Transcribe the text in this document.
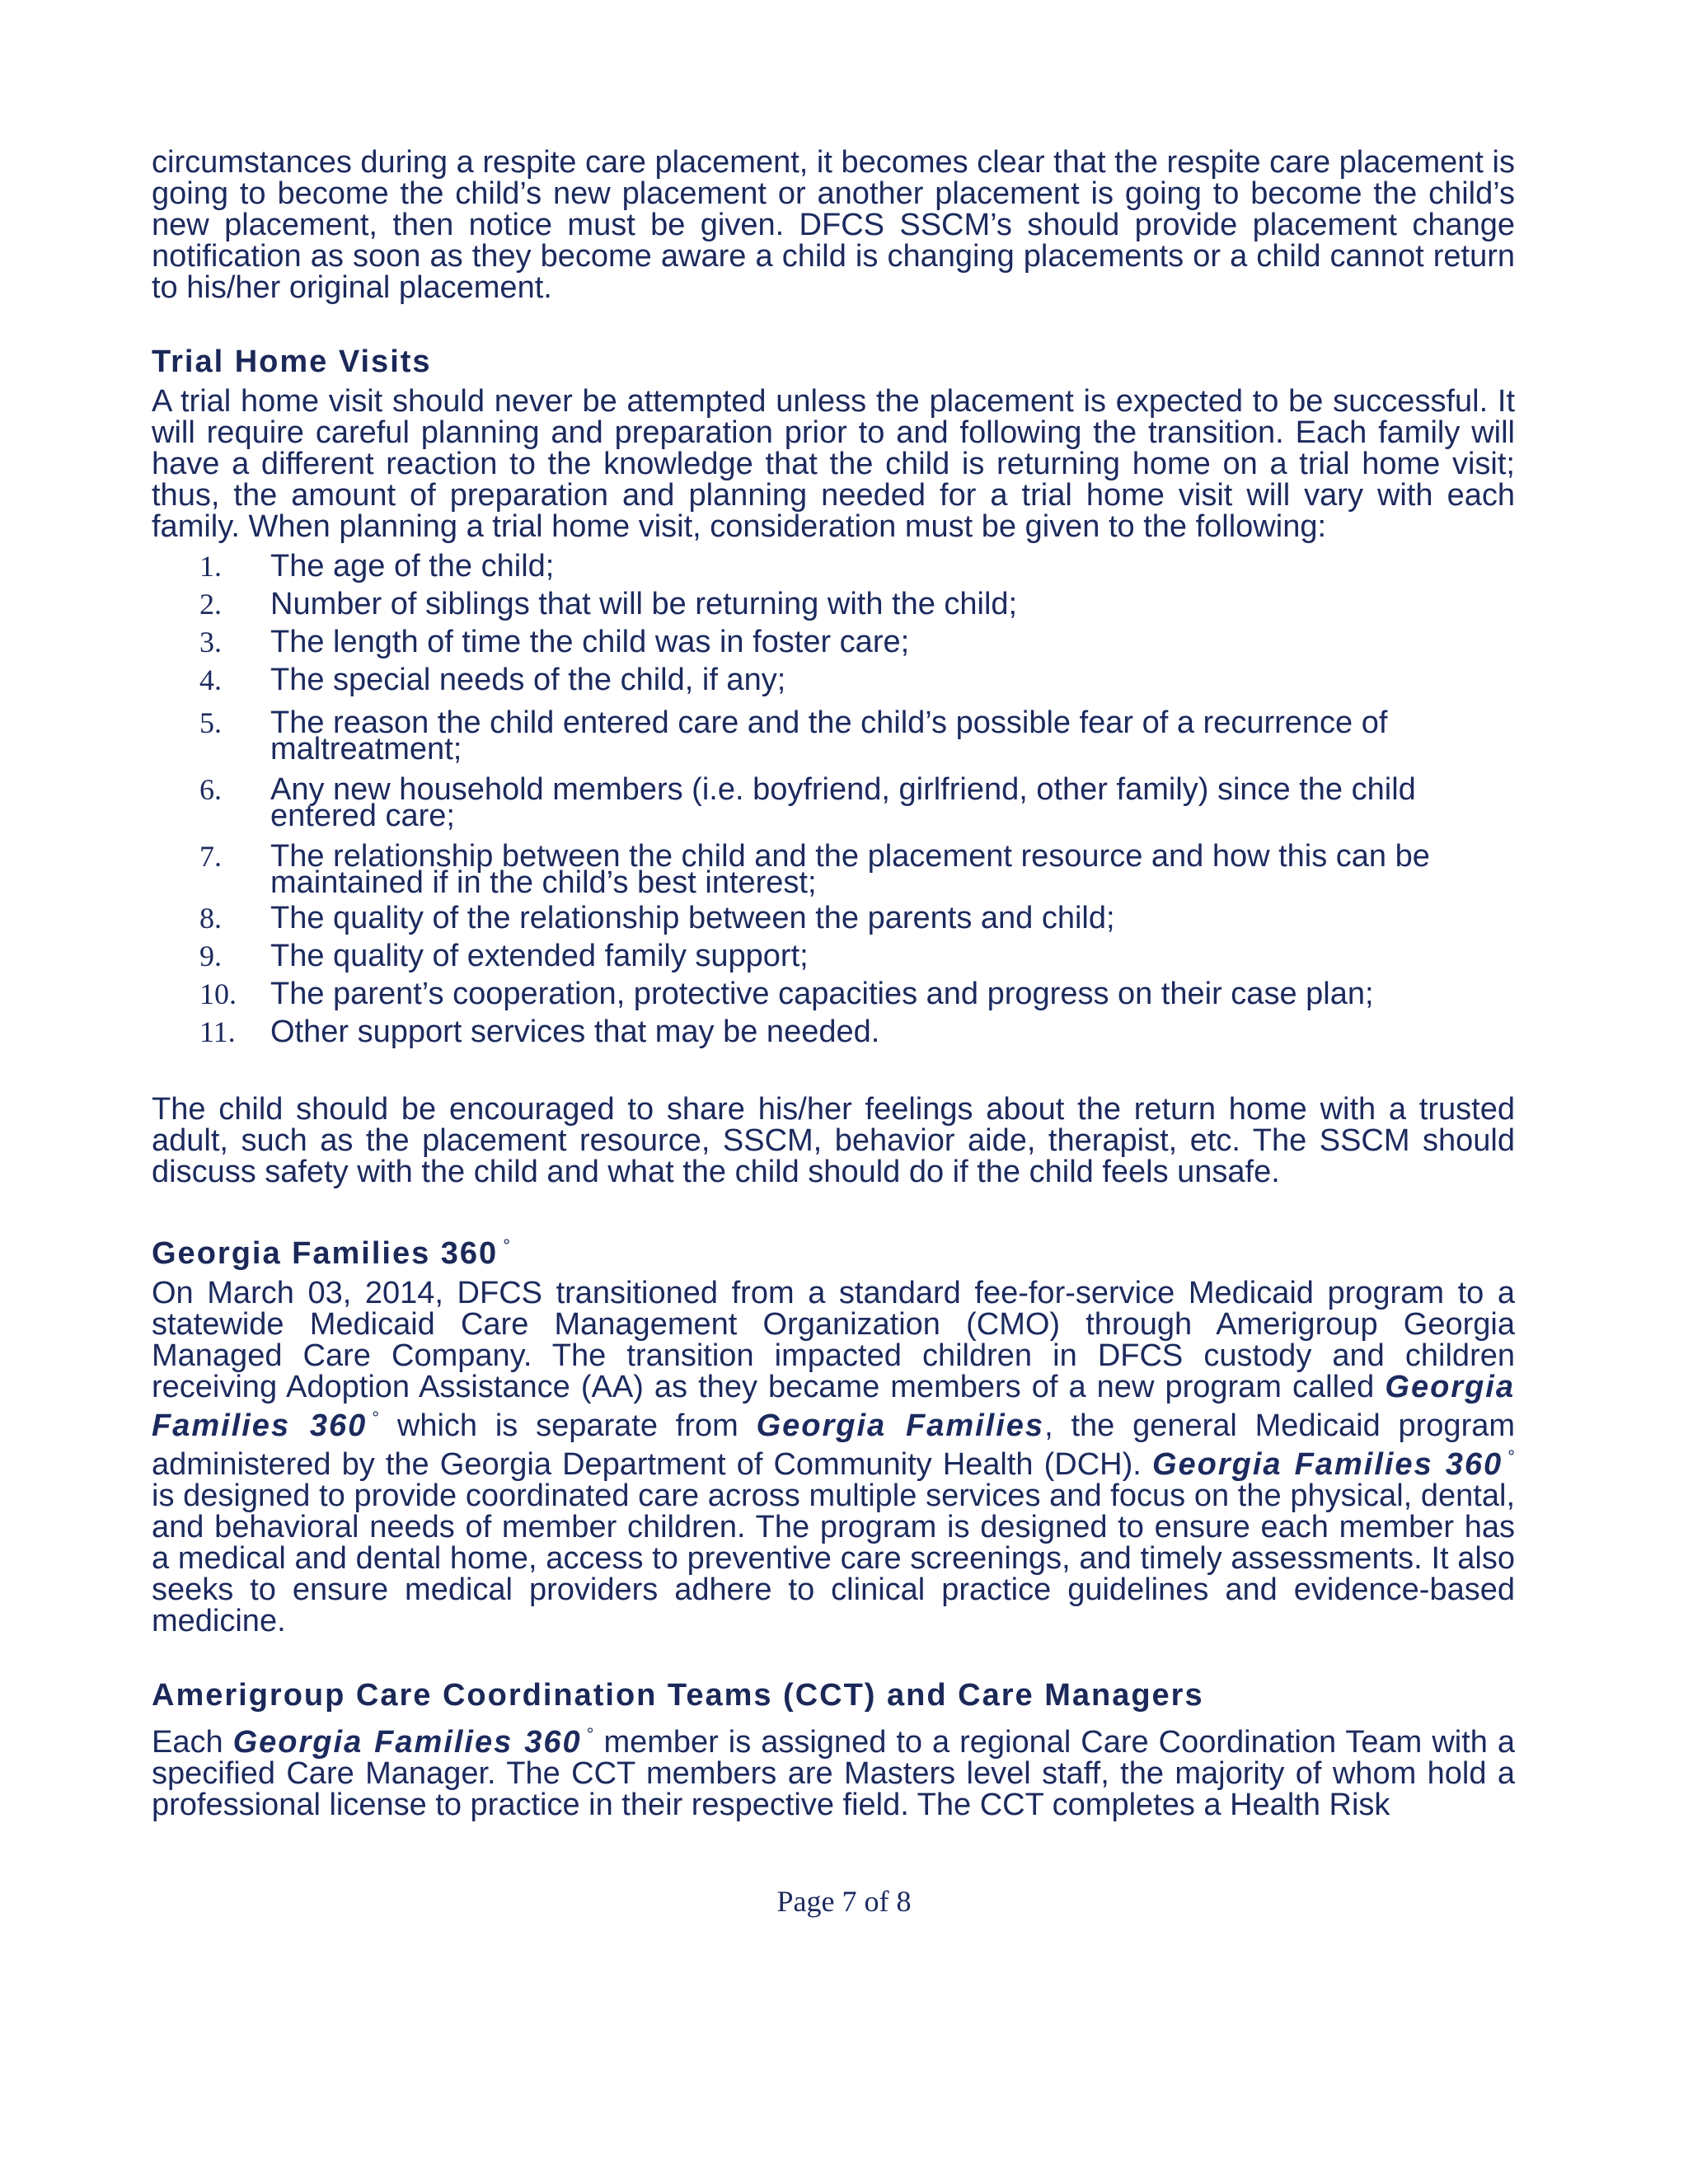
circumstances during a respite care placement, it becomes clear that the respite care placement is going to become the child’s new placement or another placement is going to become the child’s new placement, then notice must be given. DFCS SSCM’s should provide placement change notification as soon as they become aware a child is changing placements or a child cannot return to his/her original placement.

Trial Home Visits

A trial home visit should never be attempted unless the placement is expected to be successful. It will require careful planning and preparation prior to and following the transition. Each family will have a different reaction to the knowledge that the child is returning home on a trial home visit; thus, the amount of preparation and planning needed for a trial home visit will vary with each family. When planning a trial home visit, consideration must be given to the following:

1.	The age of the child;
2.	Number of siblings that will be returning with the child;
3.	The length of time the child was in foster care;
4.	The special needs of the child, if any;
5.	The reason the child entered care and the child’s possible fear of a recurrence of maltreatment;
6.	Any new household members (i.e. boyfriend, girlfriend, other family) since the child entered care;
7.	The relationship between the child and the placement resource and how this can be maintained if in the child’s best interest;
8.	The quality of the relationship between the parents and child;
9.	The quality of extended family support;
10.	The parent’s cooperation, protective capacities and progress on their case plan;
11.	Other support services that may be needed.

The child should be encouraged to share his/her feelings about the return home with a trusted adult, such as the placement resource, SSCM, behavior aide, therapist, etc. The SSCM should discuss safety with the child and what the child should do if the child feels unsafe.

Georgia Families 360 °

On March 03, 2014, DFCS transitioned from a standard fee-for-service Medicaid program to a statewide Medicaid Care Management Organization (CMO) through Amerigroup Georgia Managed Care Company. The transition impacted children in DFCS custody and children receiving Adoption Assistance (AA) as they became members of a new program called Georgia Families 360 ° which is separate from Georgia Families, the general Medicaid program administered by the Georgia Department of Community Health (DCH). Georgia Families 360 ° is designed to provide coordinated care across multiple services and focus on the physical, dental, and behavioral needs of member children. The program is designed to ensure each member has a medical and dental home, access to preventive care screenings, and timely assessments. It also seeks to ensure medical providers adhere to clinical practice guidelines and evidence-based medicine.

Amerigroup Care Coordination Teams (CCT) and Care Managers

Each Georgia Families 360 ° member is assigned to a regional Care Coordination Team with a specified Care Manager. The CCT members are Masters level staff, the majority of whom hold a professional license to practice in their respective field. The CCT completes a Health Risk

Page 7 of 8
